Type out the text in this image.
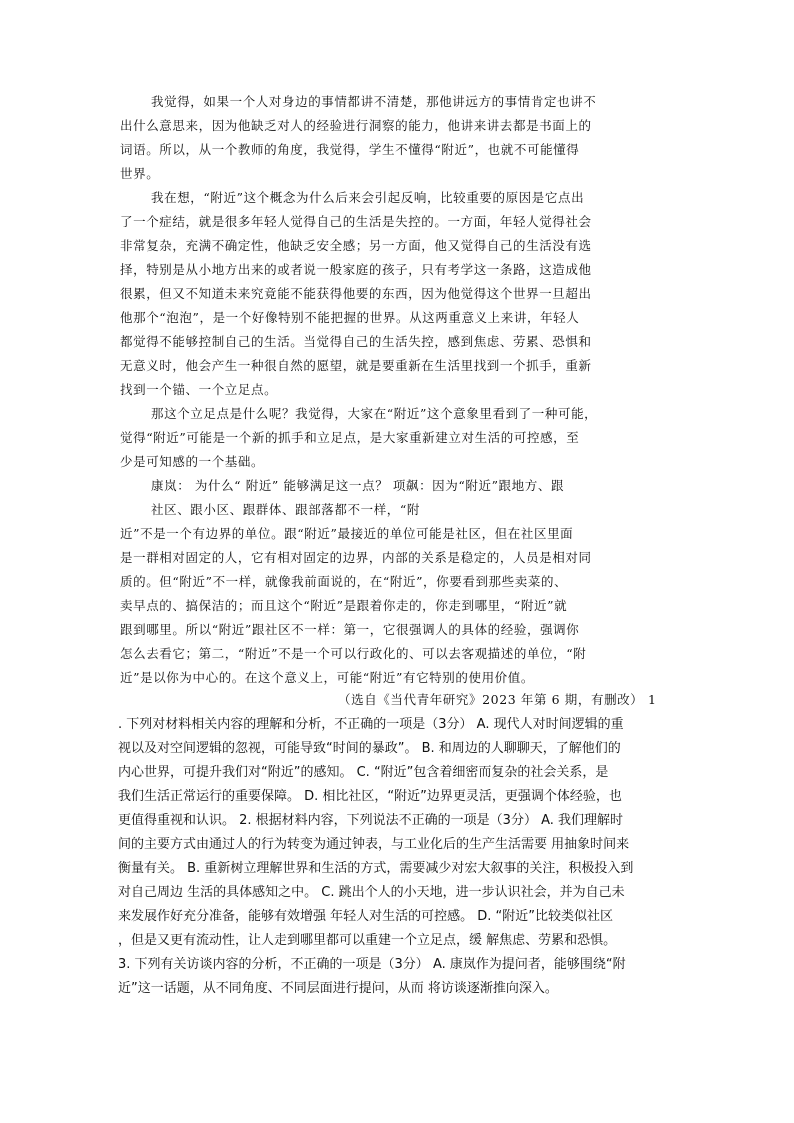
我觉得，如果一个人对身边的事情都讲不清楚，那他讲远方的事情肯定也讲不
出什么意思来，因为他缺乏对人的经验进行洞察的能力，他讲来讲去都是书面上的
词语。所以，从一个教师的角度，我觉得，学生不懂得“附近”，也就不可能懂得
世界。
我在想，“附近”这个概念为什么后来会引起反响，比较重要的原因是它点出
了一个症结，就是很多年轻人觉得自己的生活是失控的。一方面，年轻人觉得社会
非常复杂，充满不确定性，他缺乏安全感；另一方面，他又觉得自己的生活没有选
择，特别是从小地方出来的或者说一般家庭的孩子，只有考学这一条路，这造成他
很累，但又不知道未来究竟能不能获得他要的东西，因为他觉得这个世界一旦超出
他那个“泡泡”，是一个好像特别不能把握的世界。从这两重意义上来讲，年轻人
都觉得不能够控制自己的生活。当觉得自己的生活失控，感到焦虑、劳累、恐惧和
无意义时，他会产生一种很自然的愿望，就是要重新在生活里找到一个抓手，重新
找到一个锚、一个立足点。
那这个立足点是什么呢？我觉得，大家在“附近”这个意象里看到了一种可能，
觉得“附近”可能是一个新的抓手和立足点，是大家重新建立对生活的可控感，至
少是可知感的一个基础。
康岚： 为什么“ 附近” 能够满足这一点？ 项飙：因为“附近”跟地方、跟
社区、跟小区、跟群体、跟部落都不一样，“附
近”不是一个有边界的单位。跟“附近”最接近的单位可能是社区，但在社区里面
是一群相对固定的人，它有相对固定的边界，内部的关系是稳定的，人员是相对同
质的。但“附近”不一样，就像我前面说的，在“附近”，你要看到那些卖菜的、
卖早点的、搞保洁的；而且这个“附近”是跟着你走的，你走到哪里，“附近”就
跟到哪里。所以“附近”跟社区不一样：第一，它很强调人的具体的经验，强调你
怎么去看它；第二，“附近”不是一个可以行政化的、可以去客观描述的单位，“附
近”是以你为中心的。在这个意义上，可能“附近”有它特别的使用价值。
（选自《当代青年研究》2023 年第 6 期，有删改） 1
. 下列对材料相关内容的理解和分析，不正确的一项是（3分） A. 现代人对时间逻辑的重
视以及对空间逻辑的忽视，可能导致“时间的暴政”。 B. 和周边的人聊聊天，了解他们的
内心世界，可提升我们对“附近”的感知。 C. “附近”包含着细密而复杂的社会关系，是
我们生活正常运行的重要保障。 D. 相比社区，“附近”边界更灵活，更强调个体经验，也
更值得重视和认识。 2. 根据材料内容，下列说法不正确的一项是（3分） A. 我们理解时
间的主要方式由通过人的行为转变为通过钟表，与工业化后的生产生活需要 用抽象时间来
衡量有关。 B. 重新树立理解世界和生活的方式，需要减少对宏大叙事的关注，积极投入到
对自己周边 生活的具体感知之中。 C. 跳出个人的小天地，进一步认识社会，并为自己未
来发展作好充分准备，能够有效增强 年轻人对生活的可控感。 D. “附近”比较类似社区
，但是又更有流动性，让人走到哪里都可以重建一个立足点，缓 解焦虑、劳累和恐惧。
3. 下列有关访谈内容的分析，不正确的一项是（3分） A. 康岚作为提问者，能够围绕“附
近”这一话题，从不同角度、不同层面进行提问，从而 将访谈逐渐推向深入。
